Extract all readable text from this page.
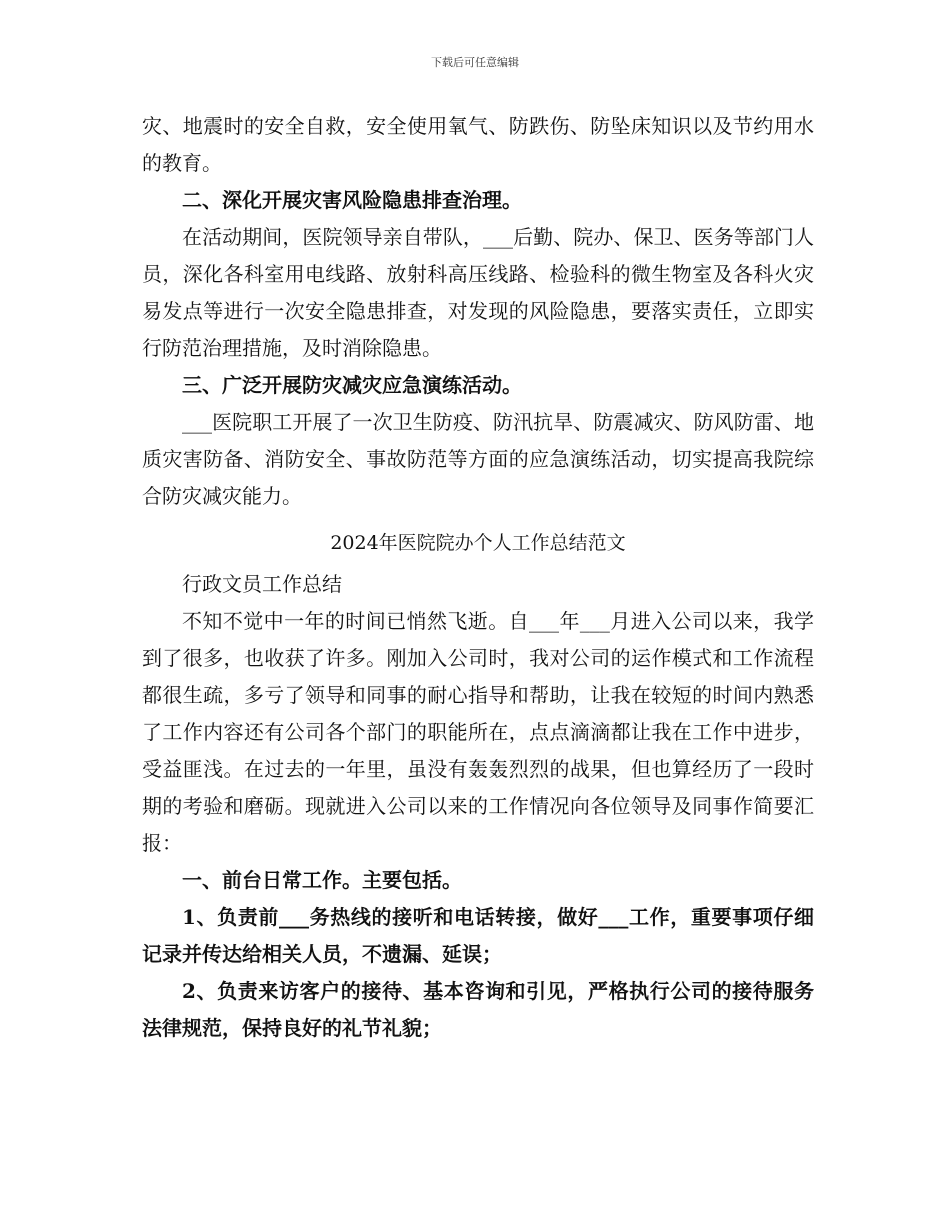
下载后可任意编辑

灾、地震时的安全自救，安全使用氧气、防跌伤、防坠床知识以及节约用水的教育。

二、深化开展灾害风险隐患排查治理。

在活动期间，医院领导亲自带队，___后勤、院办、保卫、医务等部门人员，深化各科室用电线路、放射科高压线路、检验科的微生物室及各科火灾易发点等进行一次安全隐患排查，对发现的风险隐患，要落实责任，立即实行防范治理措施，及时消除隐患。

三、广泛开展防灾减灾应急演练活动。

___医院职工开展了一次卫生防疫、防汛抗旱、防震减灾、防风防雷、地质灾害防备、消防安全、事故防范等方面的应急演练活动，切实提高我院综合防灾减灾能力。

2024年医院院办个人工作总结范文

行政文员工作总结

不知不觉中一年的时间已悄然飞逝。自___年___月进入公司以来，我学到了很多，也收获了许多。刚加入公司时，我对公司的运作模式和工作流程都很生疏，多亏了领导和同事的耐心指导和帮助，让我在较短的时间内熟悉了工作内容还有公司各个部门的职能所在，点点滴滴都让我在工作中进步，受益匪浅。在过去的一年里，虽没有轰轰烈烈的战果，但也算经历了一段时期的考验和磨砺。现就进入公司以来的工作情况向各位领导及同事作简要汇报：

一、前台日常工作。主要包括。

1、负责前___务热线的接听和电话转接，做好___工作，重要事项仔细记录并传达给相关人员，不遗漏、延误；

2、负责来访客户的接待、基本咨询和引见，严格执行公司的接待服务法律规范，保持良好的礼节礼貌；
